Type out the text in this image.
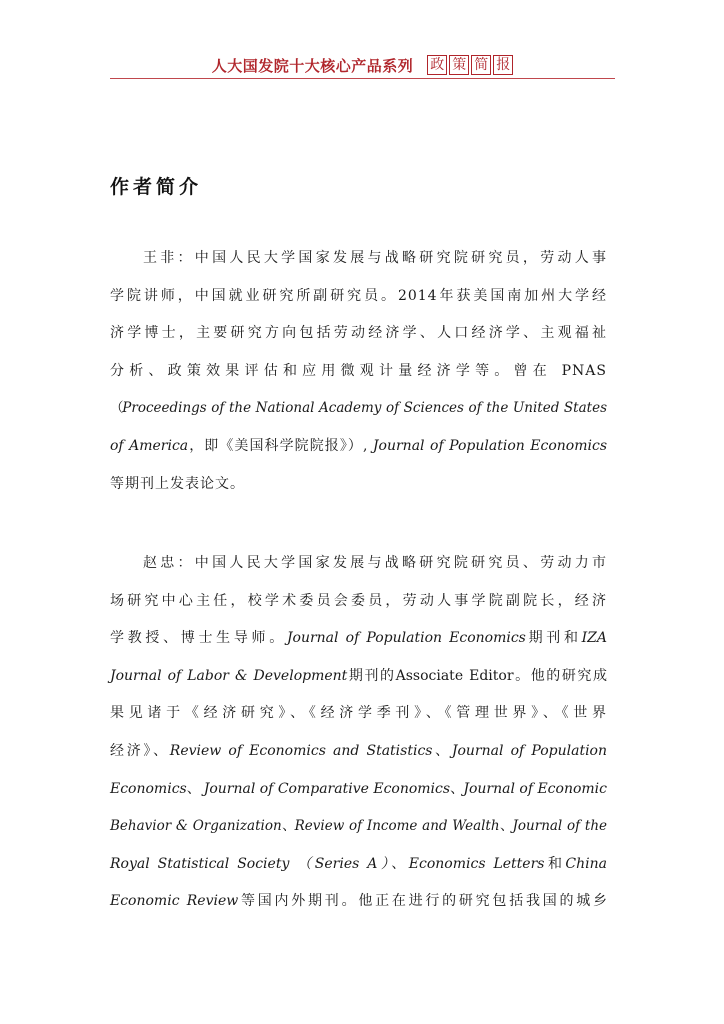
人大国发院十大核心产品系列 政 策 简 报
作者简介
王非：中国人民大学国家发展与战略研究院研究员，劳动人事
学院讲师，中国就业研究所副研究员。2014年获美国南加州大学经
济学博士，主要研究方向包括劳动经济学、人口经济学、主观福祉
分析、政策效果评估和应用微观计量经济学等。曾在 PNAS
（Proceedings of the National Academy of Sciences of the United States
of America，即《美国科学院院报》）, Journal of Population Economics
等期刊上发表论文。
赵忠：中国人民大学国家发展与战略研究院研究员、劳动力市
场研究中心主任，校学术委员会委员，劳动人事学院副院长，经济
学教授、博士生导师。Journal of Population Economics期刊和IZA
Journal of Labor & Development期刊的Associate Editor。他的研究成
果见诸于《经济研究》、《经济学季刊》、《管理世界》、《世界
经济》、Review of Economics and Statistics、Journal of Population
Economics、 Journal of Comparative Economics、Journal of Economic
Behavior & Organization、Review of Income and Wealth、Journal of the
Royal Statistical Society （Series A）、Economics Letters和China
Economic Review等国内外期刊。他正在进行的研究包括我国的城乡
